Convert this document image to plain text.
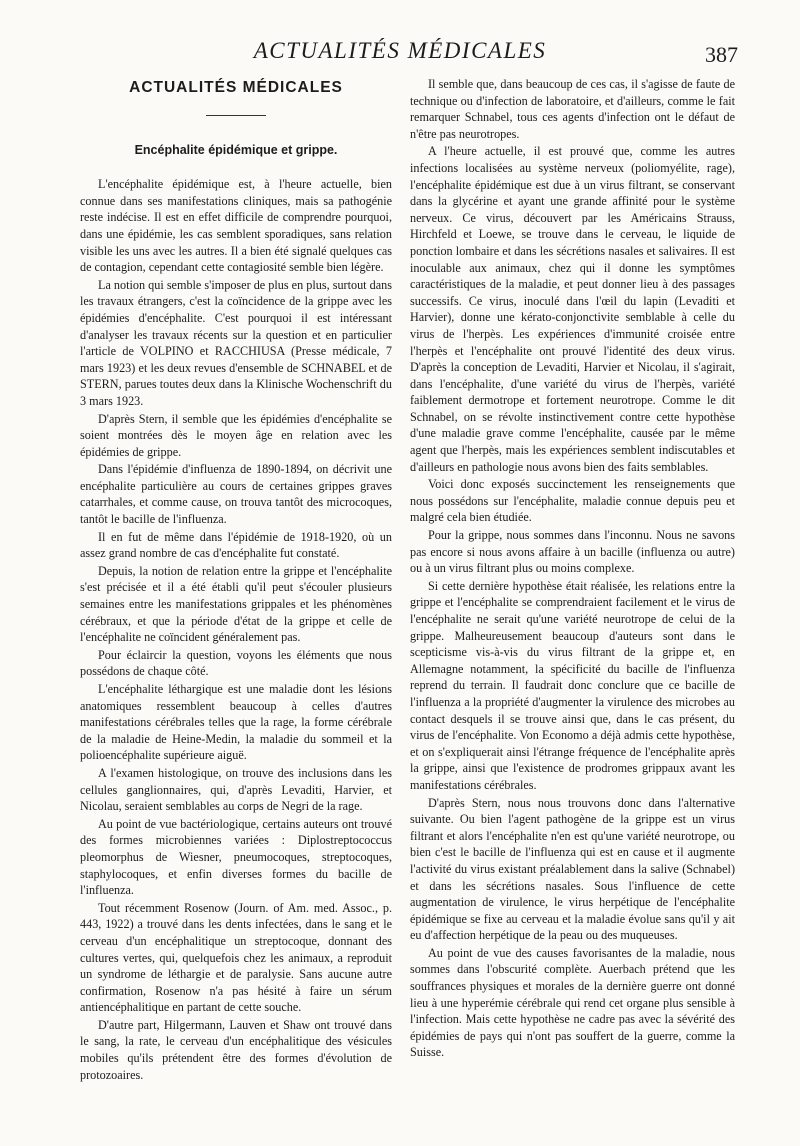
ACTUALITÉS MÉDICALES	387
ACTUALITÉS MÉDICALES
Encéphalite épidémique et grippe.

L'encéphalite épidémique est, à l'heure actuelle, bien connue dans ses manifestations cliniques, mais sa pathogénie reste indécise. Il est en effet difficile de comprendre pourquoi, dans une épidémie, les cas semblent sporadiques, sans relation visible les uns avec les autres. Il a bien été signalé quelques cas de contagion, cependant cette contagiosité semble bien légère.

La notion qui semble s'imposer de plus en plus, surtout dans les travaux étrangers, c'est la coïncidence de la grippe avec les épidémies d'encéphalite. C'est pourquoi il est intéressant d'analyser les travaux récents sur la question et en particulier l'article de VOLPINO et RACCHIUSA (Presse médicale, 7 mars 1923) et les deux revues d'ensemble de SCHNABEL et de STERN, parues toutes deux dans la Klinische Wochenschrift du 3 mars 1923.

D'après Stern, il semble que les épidémies d'encéphalite se soient montrées dès le moyen âge en relation avec les épidémies de grippe.

Dans l'épidémie d'influenza de 1890-1894, on décrivit une encéphalite particulière au cours de certaines grippes graves catarrhales, et comme cause, on trouva tantôt des microcoques, tantôt le bacille de l'influenza.

Il en fut de même dans l'épidémie de 1918-1920, où un assez grand nombre de cas d'encéphalite fut constaté.

Depuis, la notion de relation entre la grippe et l'encéphalite s'est précisée et il a été établi qu'il peut s'écouler plusieurs semaines entre les manifestations grippales et les phénomènes cérébraux, et que la période d'état de la grippe et celle de l'encéphalite ne coïncident généralement pas.

Pour éclaircir la question, voyons les éléments que nous possédons de chaque côté.

L'encéphalite léthargique est une maladie dont les lésions anatomiques ressemblent beaucoup à celles d'autres manifestations cérébrales telles que la rage, la forme cérébrale de la maladie de Heine-Medin, la maladie du sommeil et la polioencéphalite supérieure aiguë.

A l'examen histologique, on trouve des inclusions dans les cellules ganglionnaires, qui, d'après Levaditi, Harvier, et Nicolau, seraient semblables au corps de Negri de la rage.

Au point de vue bactériologique, certains auteurs ont trouvé des formes microbiennes variées : Diplostreptococcus pleomorphus de Wiesner, pneumocoques, streptocoques, staphylocoques, et enfin diverses formes du bacille de l'influenza.

Tout récemment Rosenow (Journ. of Am. med. Assoc., p. 443, 1922) a trouvé dans les dents infectées, dans le sang et le cerveau d'un encéphalitique un streptocoque, donnant des cultures vertes, qui, quelquefois chez les animaux, a reproduit un syndrome de léthargie et de paralysie. Sans aucune autre confirmation, Rosenow n'a pas hésité à faire un sérum antiencéphalitique en partant de cette souche.

D'autre part, Hilgermann, Lauven et Shaw ont trouvé dans le sang, la rate, le cerveau d'un encéphalitique des vésicules mobiles qu'ils prétendent être des formes d'évolution de protozoaires.

Il semble que, dans beaucoup de ces cas, il s'agisse de faute de technique ou d'infection de laboratoire, et d'ailleurs, comme le fait remarquer Schnabel, tous ces agents d'infection ont le défaut de n'être pas neurotropes.

A l'heure actuelle, il est prouvé que, comme les autres infections localisées au système nerveux (poliomyélite, rage), l'encéphalite épidémique est due à un virus filtrant, se conservant dans la glycérine et ayant une grande affinité pour le système nerveux. Ce virus, découvert par les Américains Strauss, Hirchfeld et Loewe, se trouve dans le cerveau, le liquide de ponction lombaire et dans les sécrétions nasales et salivaires. Il est inoculable aux animaux, chez qui il donne les symptômes caractéristiques de la maladie, et peut donner lieu à des passages successifs. Ce virus, inoculé dans l'œil du lapin (Levaditi et Harvier), donne une kérato-conjonctivite semblable à celle du virus de l'herpès. Les expériences d'immunité croisée entre l'herpès et l'encéphalite ont prouvé l'identité des deux virus. D'après la conception de Levaditi, Harvier et Nicolau, il s'agirait, dans l'encéphalite, d'une variété du virus de l'herpès, variété faiblement dermotrope et fortement neurotrope. Comme le dit Schnabel, on se révolte instinctivement contre cette hypothèse d'une maladie grave comme l'encéphalite, causée par le même agent que l'herpès, mais les expériences semblent indiscutables et d'ailleurs en pathologie nous avons bien des faits semblables.

Voici donc exposés succinctement les renseignements que nous possédons sur l'encéphalite, maladie connue depuis peu et malgré cela bien étudiée.

Pour la grippe, nous sommes dans l'inconnu. Nous ne savons pas encore si nous avons affaire à un bacille (influenza ou autre) ou à un virus filtrant plus ou moins complexe.

Si cette dernière hypothèse était réalisée, les relations entre la grippe et l'encéphalite se comprendraient facilement et le virus de l'encéphalite ne serait qu'une variété neurotrope de celui de la grippe. Malheureusement beaucoup d'auteurs sont dans le scepticisme vis-à-vis du virus filtrant de la grippe et, en Allemagne notamment, la spécificité du bacille de l'influenza reprend du terrain. Il faudrait donc conclure que ce bacille de l'influenza a la propriété d'augmenter la virulence des microbes au contact desquels il se trouve ainsi que, dans le cas présent, du virus de l'encéphalite. Von Economo a déjà admis cette hypothèse, et on s'expliquerait ainsi l'étrange fréquence de l'encéphalite après la grippe, ainsi que l'existence de prodromes grippaux avant les manifestations cérébrales.

D'après Stern, nous nous trouvons donc dans l'alternative suivante. Ou bien l'agent pathogène de la grippe est un virus filtrant et alors l'encéphalite n'en est qu'une variété neurotrope, ou bien c'est le bacille de l'influenza qui est en cause et il augmente l'activité du virus existant préalablement dans la salive (Schnabel) et dans les sécrétions nasales. Sous l'influence de cette augmentation de virulence, le virus herpétique de l'encéphalite épidémique se fixe au cerveau et la maladie évolue sans qu'il y ait eu d'affection herpétique de la peau ou des muqueuses.

Au point de vue des causes favorisantes de la maladie, nous sommes dans l'obscurité complète. Auerbach prétend que les souffrances physiques et morales de la dernière guerre ont donné lieu à une hyperémie cérébrale qui rend cet organe plus sensible à l'infection. Mais cette hypothèse ne cadre pas avec la sévérité des épidémies de pays qui n'ont pas souffert de la guerre, comme la Suisse.
